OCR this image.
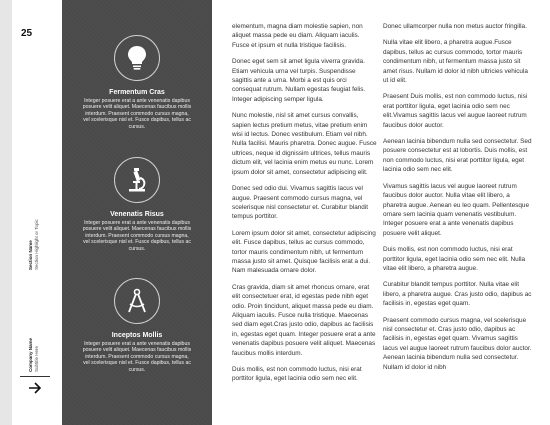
25
Section Name Section Highlight or Topic
Company Name Subtitle Here
Fermentum Cras
Integer posuere erat a ante venenatis dapibus posuere velit aliquet. Maecenas faucibus mollis interdum. Praesent commodo cursus magna, vel scelerisque nisl et. Fusce dapibus, tellus ac cursus.
Venenatis Risus
Integer posuere erat a ante venenatis dapibus posuere velit aliquet. Maecenas faucibus mollis interdum. Praesent commodo cursus magna, vel scelerisque nisl et. Fusce dapibus, tellus ac cursus.
Inceptos Mollis
Integer posuere erat a ante venenatis dapibus posuere velit aliquet. Maecenas faucibus mollis interdum. Praesent commodo cursus magna, vel scelerisque nisl et. Fusce dapibus, tellus ac cursus.

elementum, magna diam molestie sapien, non aliquet massa pede eu diam. Aliquam iaculis. Fusce et ipsum et nulla tristique facilisis.

Donec eget sem sit amet ligula viverra gravida. Etiam vehicula urna vel turpis. Suspendisse sagittis ante a urna. Morbi a est quis orci consequat rutrum. Nullam egestas feugiat felis. Integer adipiscing semper ligula.

Nunc molestie, nisl sit amet cursus convallis, sapien lectus pretium metus, vitae pretium enim wisi id lectus. Donec vestibulum. Etiam vel nibh. Nulla facilisi. Mauris pharetra. Donec augue. Fusce ultrices, neque id dignissim ultrices, tellus mauris dictum elit, vel lacinia enim metus eu nunc. Lorem ipsum dolor sit amet, consectetur adipiscing elit.

Donec sed odio dui. Vivamus sagittis lacus vel augue. Praesent commodo cursus magna, vel scelerisque nisl consectetur et. Curabitur blandit tempus porttitor.

Lorem ipsum dolor sit amet, consectetur adipiscing elit. Fusce dapibus, tellus ac cursus commodo, tortor mauris condimentum nibh, ut fermentum massa justo sit amet. Quisque facilisis erat a dui. Nam malesuada ornare dolor.

Cras gravida, diam sit amet rhoncus ornare, erat elit consectetuer erat, id egestas pede nibh eget odio. Proin tincidunt, aliquet massa pede eu diam. Aliquam iaculis. Fusce nulla tristique. Maecenas sed diam eget.Cras justo odio, dapibus ac facilisis in, egestas eget quam. Integer posuere erat a ante venenatis dapibus posuere velit aliquet. Maecenas faucibus mollis interdum.

Duis mollis, est non commodo luctus, nisi erat porttitor ligula, eget lacinia odio sem nec elit.

Donec ullamcorper nulla non metus auctor fringilla.

Nulla vitae elit libero, a pharetra augue.Fusce dapibus, tellus ac cursus commodo, tortor mauris condimentum nibh, ut fermentum massa justo sit amet risus. Nullam id dolor id nibh ultricies vehicula ut id elit.

Praesent Duis mollis, est non commodo luctus, nisi erat porttitor ligula, eget lacinia odio sem nec elit.Vivamus sagittis lacus vel augue laoreet rutrum faucibus dolor auctor.

Aenean lacinia bibendum nulla sed consectetur. Sed posuere consectetur est at lobortis. Duis mollis, est non commodo luctus, nisi erat porttitor ligula, eget lacinia odio sem nec elit.

Vivamus sagittis lacus vel augue laoreet rutrum faucibus dolor auctor. Nulla vitae elit libero, a pharetra augue. Aenean eu leo quam. Pellentesque ornare sem lacinia quam venenatis vestibulum. Integer posuere erat a ante venenatis dapibus posuere velit aliquet.

Duis mollis, est non commodo luctus, nisi erat porttitor ligula, eget lacinia odio sem nec elit. Nulla vitae elit libero, a pharetra augue.

Curabitur blandit tempus porttitor. Nulla vitae elit libero, a pharetra augue. Cras justo odio, dapibus ac facilisis in, egestas eget quam.

Praesent commodo cursus magna, vel scelerisque nisl consectetur et. Cras justo odio, dapibus ac facilisis in, egestas eget quam. Vivamus sagittis lacus vel augue laoreet rutrum faucibus dolor auctor. Aenean lacinia bibendum nulla sed consectetur. Nullam id dolor id nibh
